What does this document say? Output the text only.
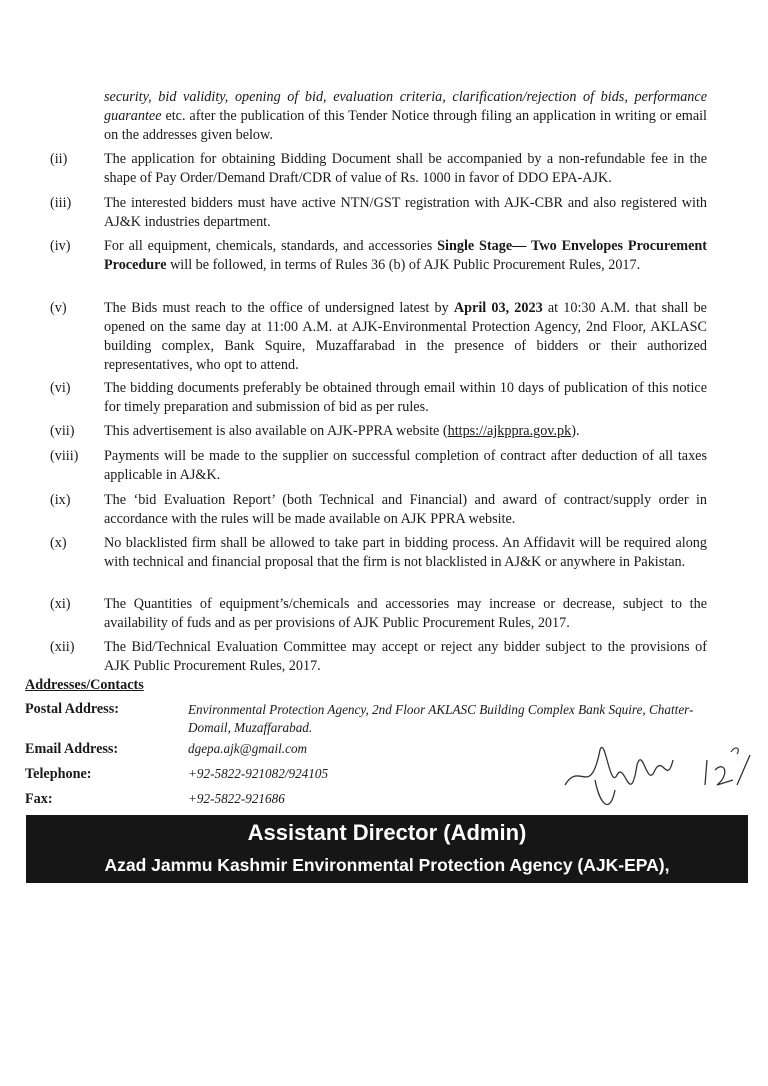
security, bid validity, opening of bid, evaluation criteria, clarification/rejection of bids, performance guarantee etc. after the publication of this Tender Notice through filing an application in writing or email on the addresses given below.

(ii)	The application for obtaining Bidding Document shall be accompanied by a non-refundable fee in the shape of Pay Order/Demand Draft/CDR of value of Rs. 1000 in favor of DDO EPA-AJK.
(iii)	The interested bidders must have active NTN/GST registration with AJK-CBR and also registered with AJ&K industries department.
(iv)	For all equipment, chemicals, standards, and accessories Single Stage— Two Envelopes Procurement Procedure will be followed, in terms of Rules 36 (b) of AJK Public Procurement Rules, 2017.
(v)	The Bids must reach to the office of undersigned latest by April 03, 2023 at 10:30 A.M. that shall be opened on the same day at 11:00 A.M. at AJK-Environmental Protection Agency, 2nd Floor, AKLASC building complex, Bank Squire, Muzaffarabad in the presence of bidders or their authorized representatives, who opt to attend.
(vi)	The bidding documents preferably be obtained through email within 10 days of publication of this notice for timely preparation and submission of bid as per rules.
(vii)	This advertisement is also available on AJK-PPRA website (https://ajkppra.gov.pk).
(viii)	Payments will be made to the supplier on successful completion of contract after deduction of all taxes applicable in AJ&K.
(ix)	The ‘bid Evaluation Report’ (both Technical and Financial) and award of contract/supply order in accordance with the rules will be made available on AJK PPRA website.
(x)	No blacklisted firm shall be allowed to take part in bidding process. An Affidavit will be required along with technical and financial proposal that the firm is not blacklisted in AJ&K or anywhere in Pakistan.
(xi)	The Quantities of equipment’s/chemicals and accessories may increase or decrease, subject to the availability of fuds and as per provisions of AJK Public Procurement Rules, 2017.
(xii)	The Bid/Technical Evaluation Committee may accept or reject any bidder subject to the provisions of AJK Public Procurement Rules, 2017.
Addresses/Contacts
Postal Address:	Environmental Protection Agency, 2nd Floor AKLASC Building Complex Bank Squire, Chatter-Domail, Muzaffarabad.
Email Address:	dgepa.ajk@gmail.com
Telephone:	+92-5822-921082/924105
Fax:	+92-5822-921686
Assistant Director (Admin)
Azad Jammu Kashmir Environmental Protection Agency (AJK-EPA),
